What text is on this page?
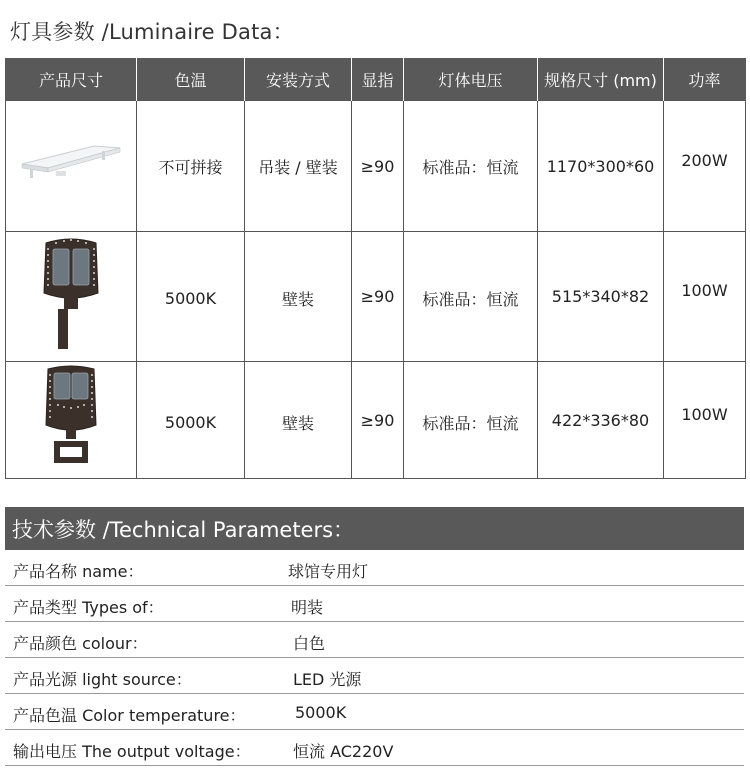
灯具参数 /Luminaire Data：
产品尺寸	色温	安装方式	显指	灯体电压	规格尺寸 (mm)	功率
	不可拼接	吊装 / 壁装	≥90	标准品：恒流	1170*300*60	200W
	5000K	壁装	≥90	标准品：恒流	515*340*82	100W
	5000K	壁装	≥90	标准品：恒流	422*336*80	100W
技术参数 /Technical Parameters：
产品名称 name：	球馆专用灯
产品类型 Types of：	明装
产品颜色 colour：	白色
产品光源 light source：	LED 光源
产品色温 Color temperature：	5000K
输出电压 The output voltage：	恒流 AC220V
